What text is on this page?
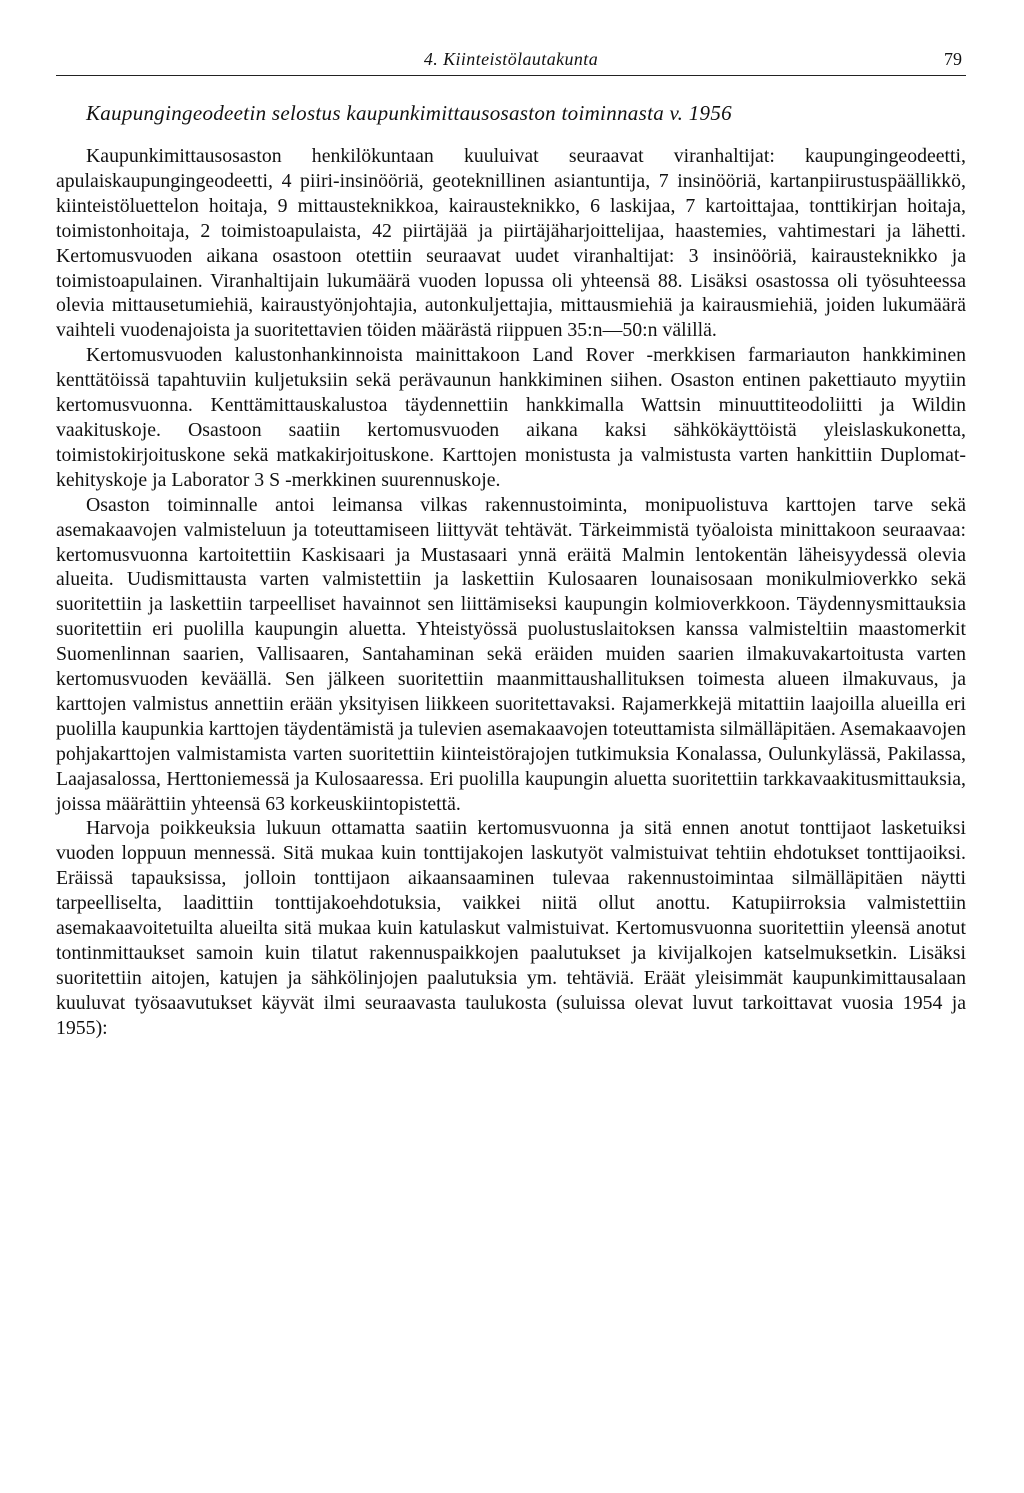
4. Kiinteistölautakunta	79
Kaupungingeodeetin selostus kaupunkimittausosaston toiminnasta v. 1956

Kaupunkimittausosaston henkilökuntaan kuuluivat seuraavat viranhaltijat: kaupungingeodeetti, apulaiskaupungingeodeetti, 4 piiri-insinööriä, geoteknillinen asiantuntija, 7 insinööriä, kartanpiirustuspäällikkö, kiinteistöluettelon hoitaja, 9 mittausteknikkoa, kairausteknikko, 6 laskijaa, 7 kartoittajaa, tonttikirjan hoitaja, toimistonhoitaja, 2 toimistoapulaista, 42 piirtäjää ja piirtäjäharjoittelijaa, haastemies, vahtimestari ja lähetti. Kertomusvuoden aikana osastoon otettiin seuraavat uudet viranhaltijat: 3 insinööriä, kairausteknikko ja toimistoapulainen. Viranhaltijain lukumäärä vuoden lopussa oli yhteensä 88. Lisäksi osastossa oli työsuhteessa olevia mittausetumiehiä, kairaustyönjohtajia, autonkuljettajia, mittausmiehiä ja kairausmiehiä, joiden lukumäärä vaihteli vuodenajoista ja suoritettavien töiden määrästä riippuen 35:n—50:n välillä.

Kertomusvuoden kalustonhankinnoista mainittakoon Land Rover -merkkisen farmariauton hankkiminen kenttätöissä tapahtuviin kuljetuksiin sekä perävaunun hankkiminen siihen. Osaston entinen pakettiauto myytiin kertomusvuonna. Kenttämittauskalustoa täydennettiin hankkimalla Wattsin minuuttiteodoliitti ja Wildin vaakituskoje. Osastoon saatiin kertomusvuoden aikana kaksi sähkökäyttöistä yleislaskukonetta, toimistokirjoituskone sekä matkakirjoituskone. Karttojen monistusta ja valmistusta varten hankittiin Duplomat-kehityskoje ja Laborator 3 S -merkkinen suurennuskoje.

Osaston toiminnalle antoi leimansa vilkas rakennustoiminta, monipuolistuva karttojen tarve sekä asemakaavojen valmisteluun ja toteuttamiseen liittyvät tehtävät. Tärkeimmistä työaloista minittakoon seuraavaa: kertomusvuonna kartoitettiin Kaskisaari ja Mustasaari ynnä eräitä Malmin lentokentän läheisyydessä olevia alueita. Uudismittausta varten valmistettiin ja laskettiin Kulosaaren lounaisosaan monikulmioverkko sekä suoritettiin ja laskettiin tarpeelliset havainnot sen liittämiseksi kaupungin kolmioverkkoon. Täydennysmittauksia suoritettiin eri puolilla kaupungin aluetta. Yhteistyössä puolustuslaitoksen kanssa valmisteltiin maastomerkit Suomenlinnan saarien, Vallisaaren, Santahaminan sekä eräiden muiden saarien ilmakuvakartoitusta varten kertomusvuoden keväällä. Sen jälkeen suoritettiin maanmittaushallituksen toimesta alueen ilmakuvaus, ja karttojen valmistus annettiin erään yksityisen liikkeen suoritettavaksi. Rajamerkkejä mitattiin laajoilla alueilla eri puolilla kaupunkia karttojen täydentämistä ja tulevien asemakaavojen toteuttamista silmälläpitäen. Asemakaavojen pohjakarttojen valmistamista varten suoritettiin kiinteistörajojen tutkimuksia Konalassa, Oulunkylässä, Pakilassa, Laajasalossa, Herttoniemessä ja Kulosaaressa. Eri puolilla kaupungin aluetta suoritettiin tarkkavaakitusmittauksia, joissa määrättiin yhteensä 63 korkeuskiintopistettä.

Harvoja poikkeuksia lukuun ottamatta saatiin kertomusvuonna ja sitä ennen anotut tonttijaot lasketuiksi vuoden loppuun mennessä. Sitä mukaa kuin tonttijakojen laskutyöt valmistuivat tehtiin ehdotukset tonttijaoiksi. Eräissä tapauksissa, jolloin tonttijaon aikaansaaminen tulevaa rakennustoimintaa silmälläpitäen näytti tarpeelliselta, laadittiin tonttijakoehdotuksia, vaikkei niitä ollut anottu. Katupiirroksia valmistettiin asemakaavoitetuilta alueilta sitä mukaa kuin katulaskut valmistuivat. Kertomusvuonna suoritettiin yleensä anotut tontinmittaukset samoin kuin tilatut rakennuspaikkojen paalutukset ja kivijalkojen katselmuksetkin. Lisäksi suoritettiin aitojen, katujen ja sähkölinjojen paalutuksia ym. tehtäviä. Eräät yleisimmät kaupunkimittausalaan kuuluvat työsaavutukset käyvät ilmi seuraavasta taulukosta (suluissa olevat luvut tarkoittavat vuosia 1954 ja 1955):
